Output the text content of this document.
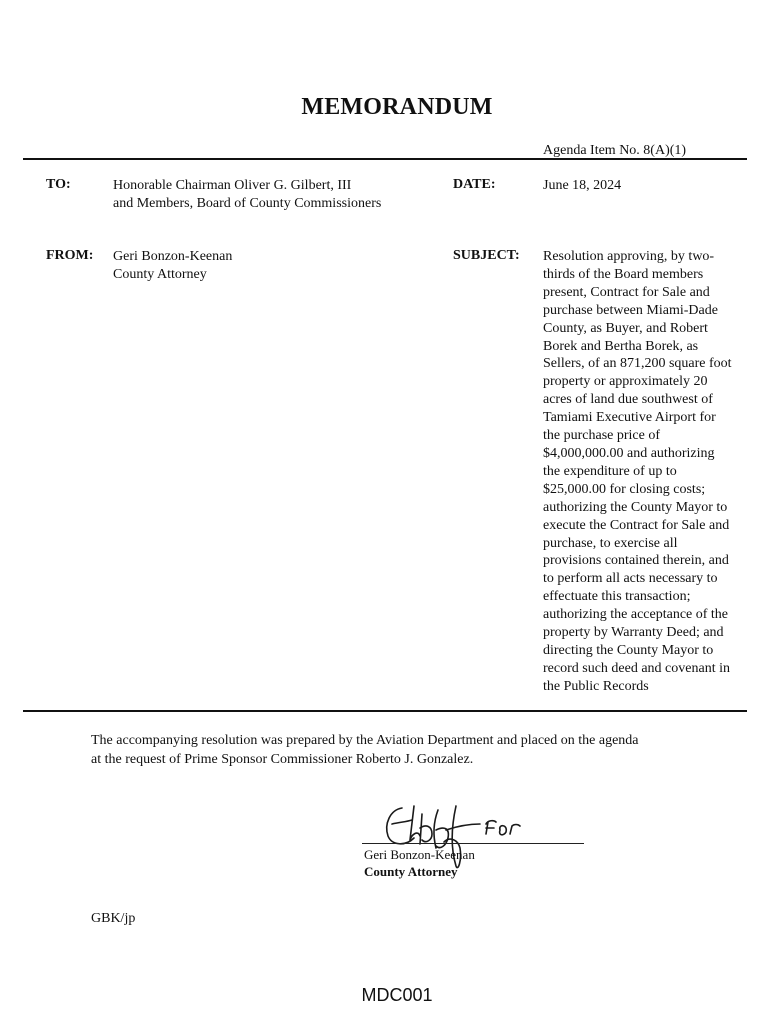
MEMORANDUM
Agenda Item No. 8(A)(1)
TO:	Honorable Chairman Oliver G. Gilbert, III
and Members, Board of County Commissioners
DATE:	June 18, 2024
FROM: Geri Bonzon-Keenan
County Attorney
SUBJECT: Resolution approving, by two-
thirds of the Board members
present, Contract for Sale and
purchase between Miami-Dade
County, as Buyer, and Robert
Borek and Bertha Borek, as
Sellers, of an 871,200 square foot
property or approximately 20
acres of land due southwest of
Tamiami Executive Airport for
the purchase price of
$4,000,000.00 and authorizing
the expenditure of up to
$25,000.00 for closing costs;
authorizing the County Mayor to
execute the Contract for Sale and
purchase, to exercise all
provisions contained therein, and
to perform all acts necessary to
effectuate this transaction;
authorizing the acceptance of the
property by Warranty Deed; and
directing the County Mayor to
record such deed and covenant in
the Public Records
The accompanying resolution was prepared by the Aviation Department and placed on the agenda
at the request of Prime Sponsor Commissioner Roberto J. Gonzalez.
Geri Bonzon-Keenan
County Attorney
GBK/jp
MDC001
